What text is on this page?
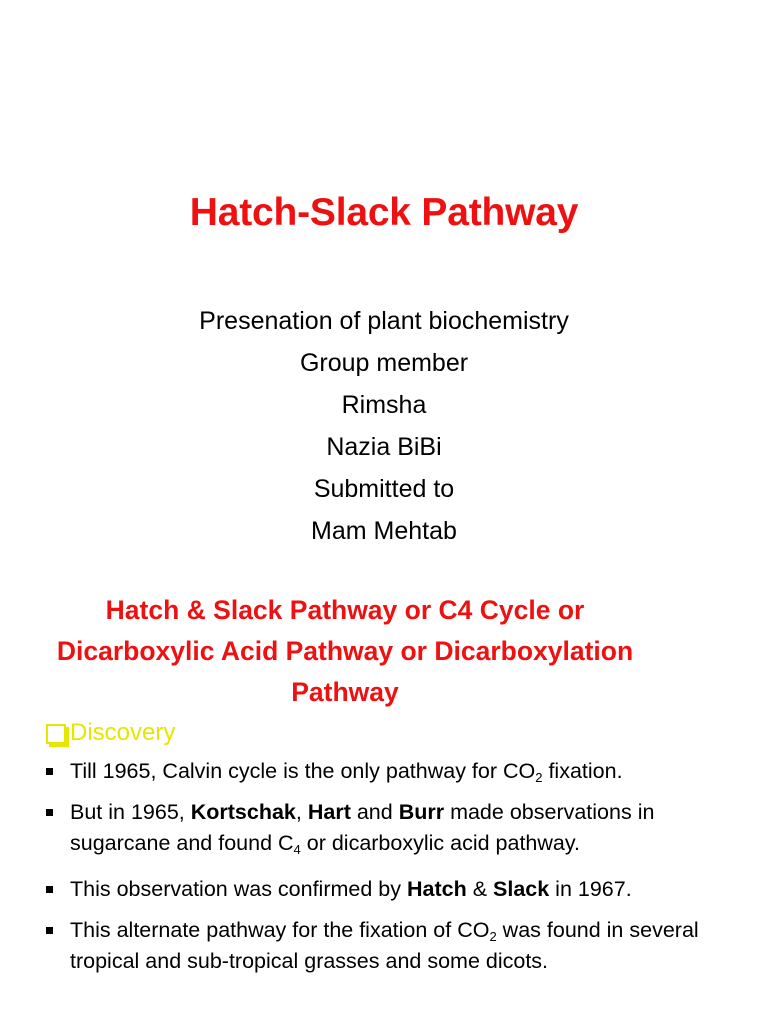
Hatch-Slack Pathway
Presenation of plant biochemistry
Group member
Rimsha
Nazia BiBi
Submitted to
Mam Mehtab
Hatch & Slack Pathway or C4 Cycle or
Dicarboxylic Acid Pathway or Dicarboxylation
Pathway
Discovery
Till 1965, Calvin cycle is the only pathway for $CO_2$ fixation.
But in 1965, Kortschak, Hart and Burr made observations in sugarcane and found $C_4$ or dicarboxylic acid pathway.
This observation was confirmed by Hatch & Slack in 1967.
This alternate pathway for the fixation of $CO_2$ was found in several tropical and sub-tropical grasses and some dicots.
